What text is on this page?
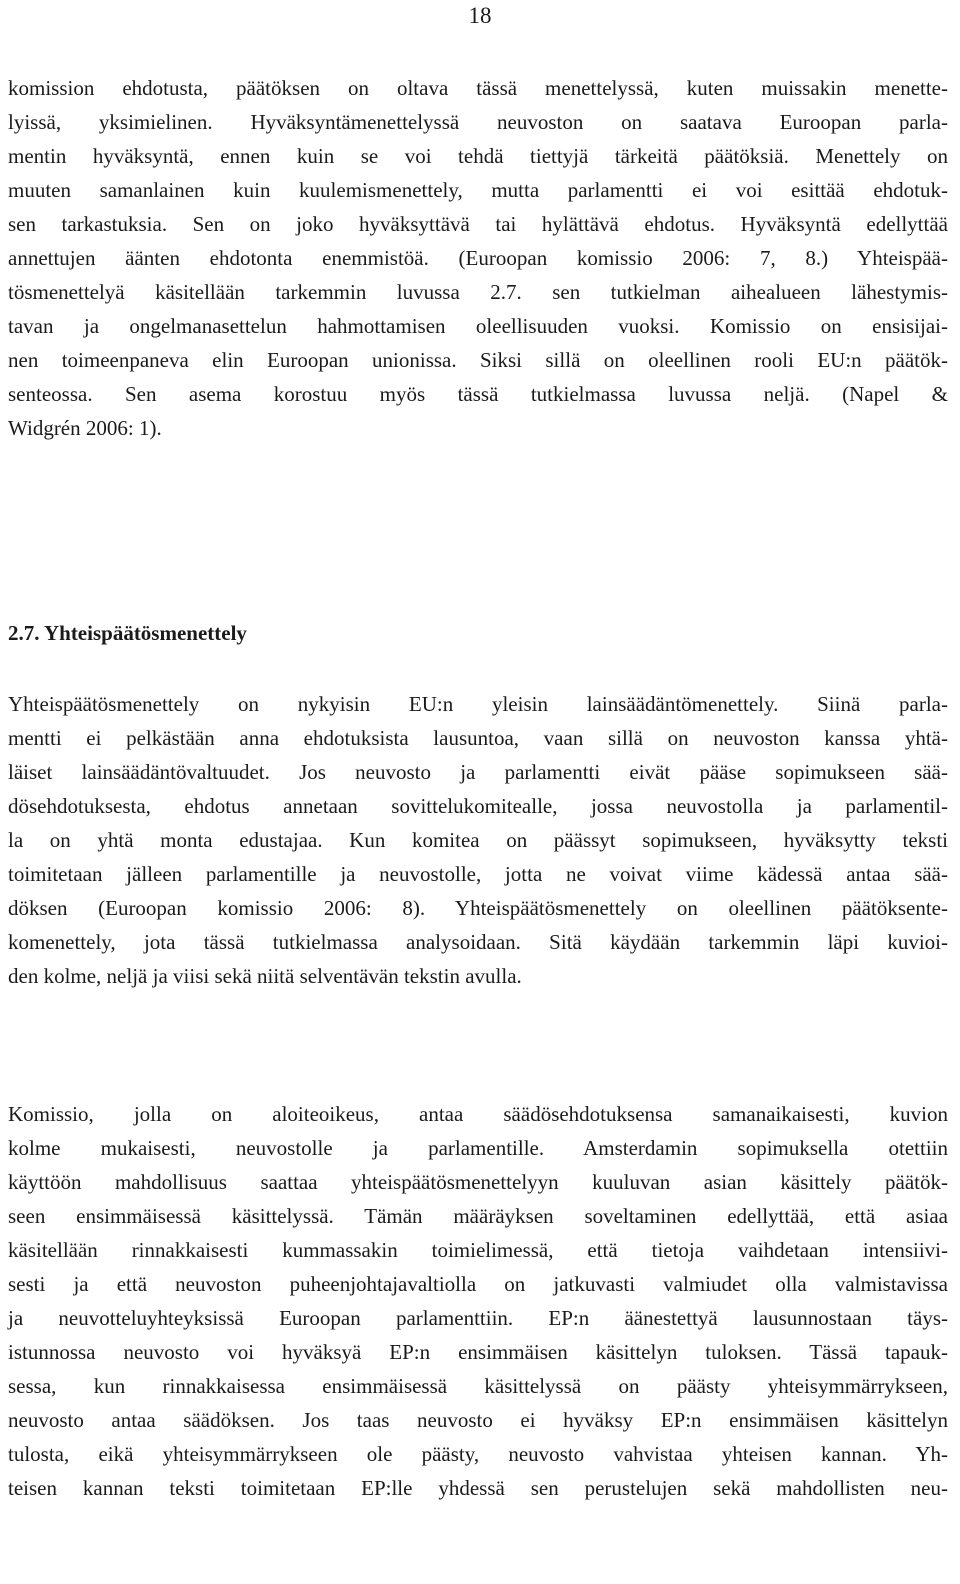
18
komission ehdotusta, päätöksen on oltava tässä menettelyssä, kuten muissakin menette-
lyissä, yksimielinen. Hyväksyntämenettelyssä neuvoston on saatava Euroopan parla-
mentin hyväksyntä, ennen kuin se voi tehdä tiettyjä tärkeitä päätöksiä. Menettely on
muuten samanlainen kuin kuulemismenettely, mutta parlamentti ei voi esittää ehdotuk-
sen tarkastuksia. Sen on joko hyväksyttävä tai hylättävä ehdotus. Hyväksyntä edellyttää
annettujen äänten ehdotonta enemmistöä. (Euroopan komissio 2006: 7, 8.) Yhteispää-
tösmenettelyä käsitellään tarkemmin luvussa 2.7. sen tutkielman aihealueen lähestymis-
tavan ja ongelmanasettelun hahmottamisen oleellisuuden vuoksi. Komissio on ensisijai-
nen toimeenpaneva elin Euroopan unionissa. Siksi sillä on oleellinen rooli EU:n päätök-
senteossa. Sen asema korostuu myös tässä tutkielmassa luvussa neljä. (Napel &
Widgrén 2006: 1).
2.7. Yhteispäätösmenettely
Yhteispäätösmenettely on nykyisin EU:n yleisin lainsäädäntömenettely. Siinä parla-
mentti ei pelkästään anna ehdotuksista lausuntoa, vaan sillä on neuvoston kanssa yhtä-
läiset lainsäädäntövaltuudet. Jos neuvosto ja parlamentti eivät pääse sopimukseen sää-
dösehdotuksesta, ehdotus annetaan sovittelukomitealle, jossa neuvostolla ja parlamentil-
la on yhtä monta edustajaa. Kun komitea on päässyt sopimukseen, hyväksytty teksti
toimitetaan jälleen parlamentille ja neuvostolle, jotta ne voivat viime kädessä antaa sää-
döksen (Euroopan komissio 2006: 8). Yhteispäätösmenettely on oleellinen päätöksente-
komenettely, jota tässä tutkielmassa analysoidaan. Sitä käydään tarkemmin läpi kuvioi-
den kolme, neljä ja viisi sekä niitä selventävän tekstin avulla.
Komissio, jolla on aloiteoikeus, antaa säädösehdotuksensa samanaikaisesti, kuvion
kolme mukaisesti, neuvostolle ja parlamentille. Amsterdamin sopimuksella otettiin
käyttöön mahdollisuus saattaa yhteispäätösmenettelyyn kuuluvan asian käsittely päätök-
seen ensimmäisessä käsittelyssä. Tämän määräyksen soveltaminen edellyttää, että asiaa
käsitellään rinnakkaisesti kummassakin toimielimessä, että tietoja vaihdetaan intensiivi-
sesti ja että neuvoston puheenjohtajavaltiolla on jatkuvasti valmiudet olla valmistavissa
ja neuvotteluyhteyksissä Euroopan parlamenttiin. EP:n äänestettyä lausunnostaan täys-
istunnossa neuvosto voi hyväksyä EP:n ensimmäisen käsittelyn tuloksen. Tässä tapauk-
sessa, kun rinnakkaisessa ensimmäisessä käsittelyssä on päästy yhteisymmärrykseen,
neuvosto antaa säädöksen. Jos taas neuvosto ei hyväksy EP:n ensimmäisen käsittelyn
tulosta, eikä yhteisymmärrykseen ole päästy, neuvosto vahvistaa yhteisen kannan. Yh-
teisen kannan teksti toimitetaan EP:lle yhdessä sen perustelujen sekä mahdollisten neu-
